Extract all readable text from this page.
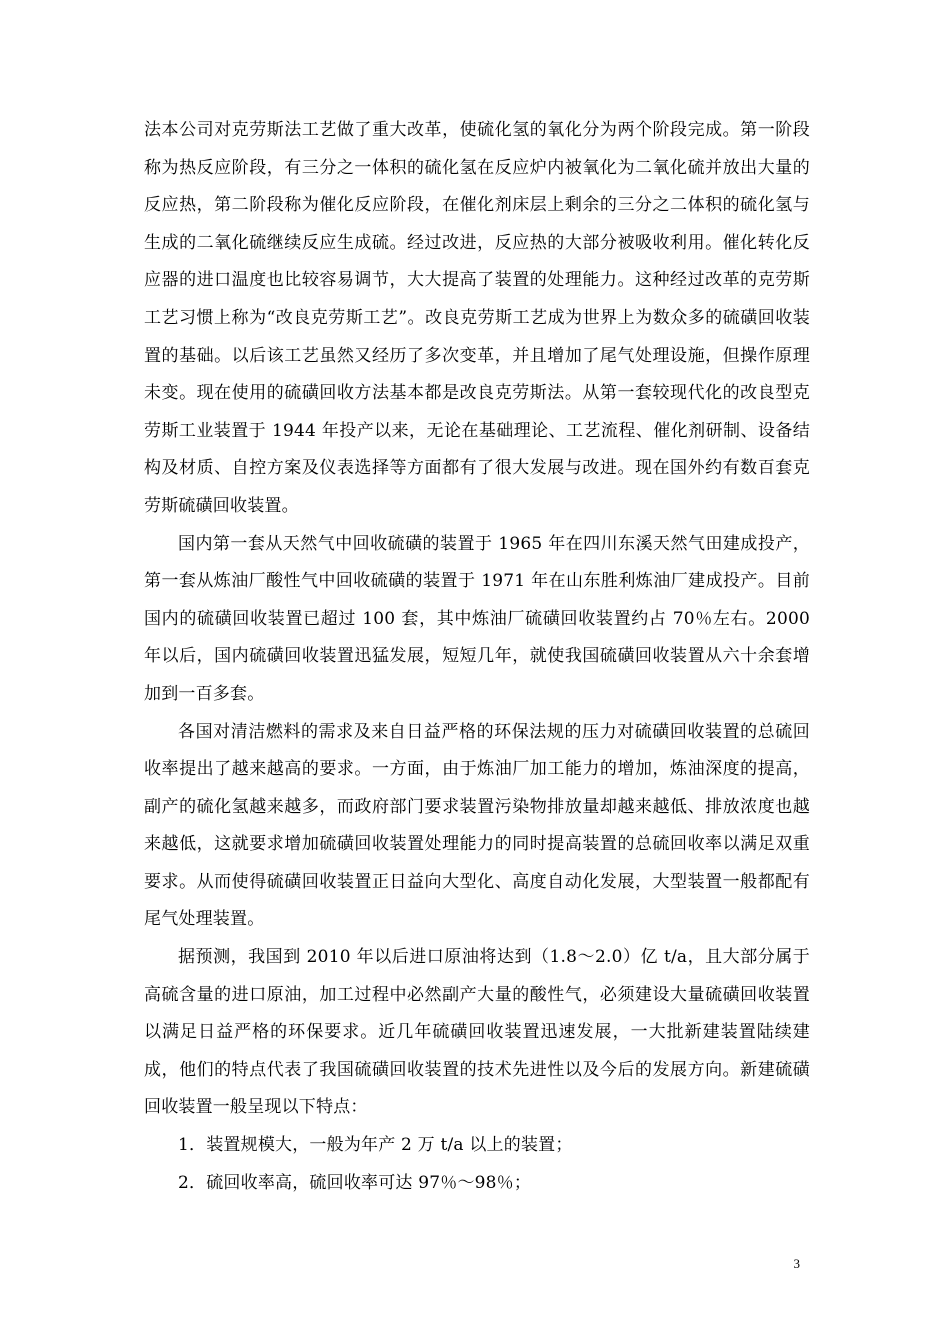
法本公司对克劳斯法工艺做了重大改革，使硫化氢的氧化分为两个阶段完成。第一阶段称为热反应阶段，有三分之一体积的硫化氢在反应炉内被氧化为二氧化硫并放出大量的反应热，第二阶段称为催化反应阶段，在催化剂床层上剩余的三分之二体积的硫化氢与生成的二氧化硫继续反应生成硫。经过改进，反应热的大部分被吸收利用。催化转化反应器的进口温度也比较容易调节，大大提高了装置的处理能力。这种经过改革的克劳斯工艺习惯上称为“改良克劳斯工艺”。改良克劳斯工艺成为世界上为数众多的硫磺回收装置的基础。以后该工艺虽然又经历了多次变革，并且增加了尾气处理设施，但操作原理未变。现在使用的硫磺回收方法基本都是改良克劳斯法。从第一套较现代化的改良型克劳斯工业装置于 1944 年投产以来，无论在基础理论、工艺流程、催化剂研制、设备结构及材质、自控方案及仪表选择等方面都有了很大发展与改进。现在国外约有数百套克劳斯硫磺回收装置。

国内第一套从天然气中回收硫磺的装置于 1965 年在四川东溪天然气田建成投产，第一套从炼油厂酸性气中回收硫磺的装置于 1971 年在山东胜利炼油厂建成投产。目前国内的硫磺回收装置已超过 100 套，其中炼油厂硫磺回收装置约占 70％左右。2000 年以后，国内硫磺回收装置迅猛发展，短短几年，就使我国硫磺回收装置从六十余套增加到一百多套。

各国对清洁燃料的需求及来自日益严格的环保法规的压力对硫磺回收装置的总硫回收率提出了越来越高的要求。一方面，由于炼油厂加工能力的增加，炼油深度的提高，副产的硫化氢越来越多，而政府部门要求装置污染物排放量却越来越低、排放浓度也越来越低，这就要求增加硫磺回收装置处理能力的同时提高装置的总硫回收率以满足双重要求。从而使得硫磺回收装置正日益向大型化、高度自动化发展，大型装置一般都配有尾气处理装置。

据预测，我国到 2010 年以后进口原油将达到（1.8～2.0）亿 t/a，且大部分属于高硫含量的进口原油，加工过程中必然副产大量的酸性气，必须建设大量硫磺回收装置以满足日益严格的环保要求。近几年硫磺回收装置迅速发展，一大批新建装置陆续建成，他们的特点代表了我国硫磺回收装置的技术先进性以及今后的发展方向。新建硫磺回收装置一般呈现以下特点：

1．装置规模大，一般为年产 2 万 t/a 以上的装置；

2．硫回收率高，硫回收率可达 97％～98％；

3
